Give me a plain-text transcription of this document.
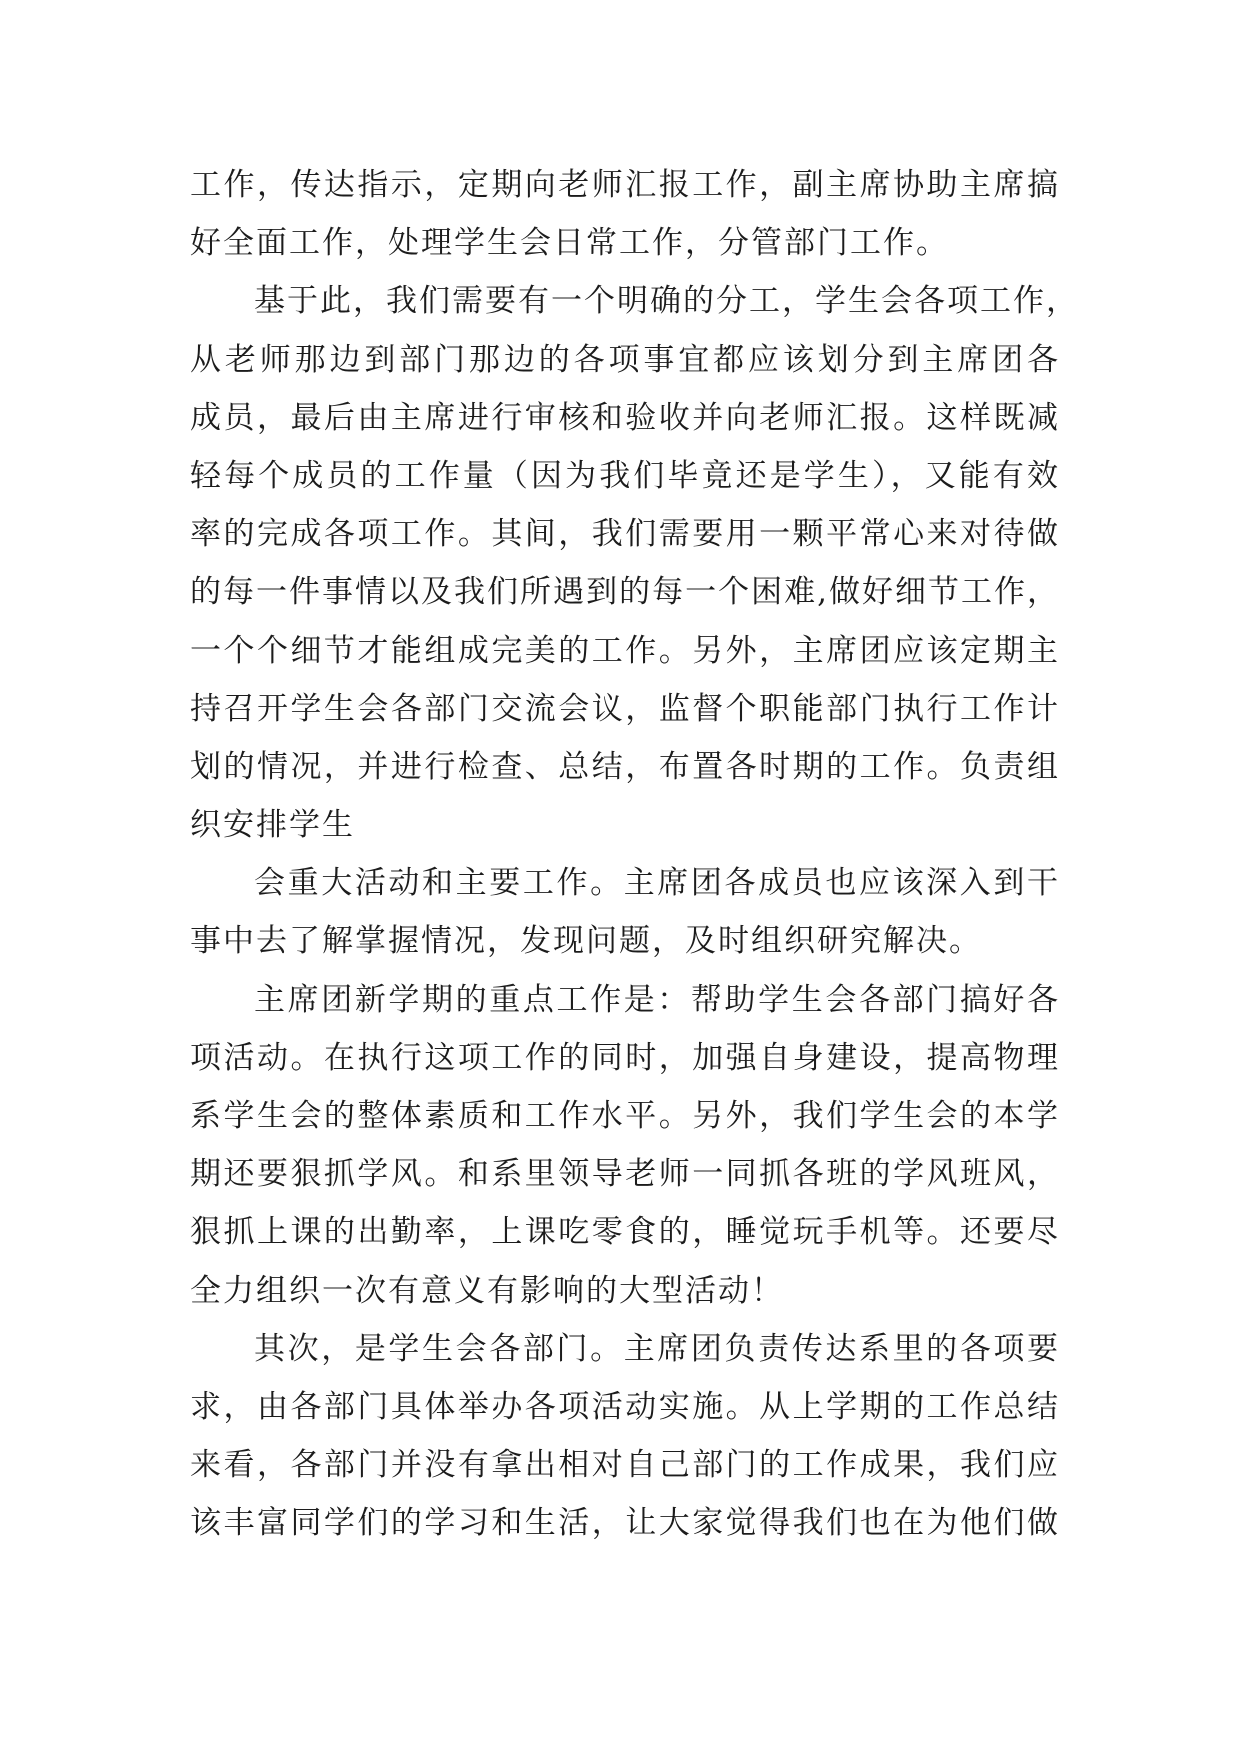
工作，传达指示，定期向老师汇报工作，副主席协助主席搞
好全面工作，处理学生会日常工作，分管部门工作。
基于此，我们需要有一个明确的分工，学生会各项工作，
从老师那边到部门那边的各项事宜都应该划分到主席团各
成员，最后由主席进行审核和验收并向老师汇报。这样既减
轻每个成员的工作量（因为我们毕竟还是学生），又能有效
率的完成各项工作。其间，我们需要用一颗平常心来对待做
的每一件事情以及我们所遇到的每一个困难,做好细节工作，
一个个细节才能组成完美的工作。另外，主席团应该定期主
持召开学生会各部门交流会议，监督个职能部门执行工作计
划的情况，并进行检查、总结，布置各时期的工作。负责组
织安排学生
会重大活动和主要工作。主席团各成员也应该深入到干
事中去了解掌握情况，发现问题，及时组织研究解决。
主席团新学期的重点工作是：帮助学生会各部门搞好各
项活动。在执行这项工作的同时，加强自身建设，提高物理
系学生会的整体素质和工作水平。另外，我们学生会的本学
期还要狠抓学风。和系里领导老师一同抓各班的学风班风，
狠抓上课的出勤率，上课吃零食的，睡觉玩手机等。还要尽
全力组织一次有意义有影响的大型活动！
其次，是学生会各部门。主席团负责传达系里的各项要
求，由各部门具体举办各项活动实施。从上学期的工作总结
来看，各部门并没有拿出相对自己部门的工作成果，我们应
该丰富同学们的学习和生活，让大家觉得我们也在为他们做
